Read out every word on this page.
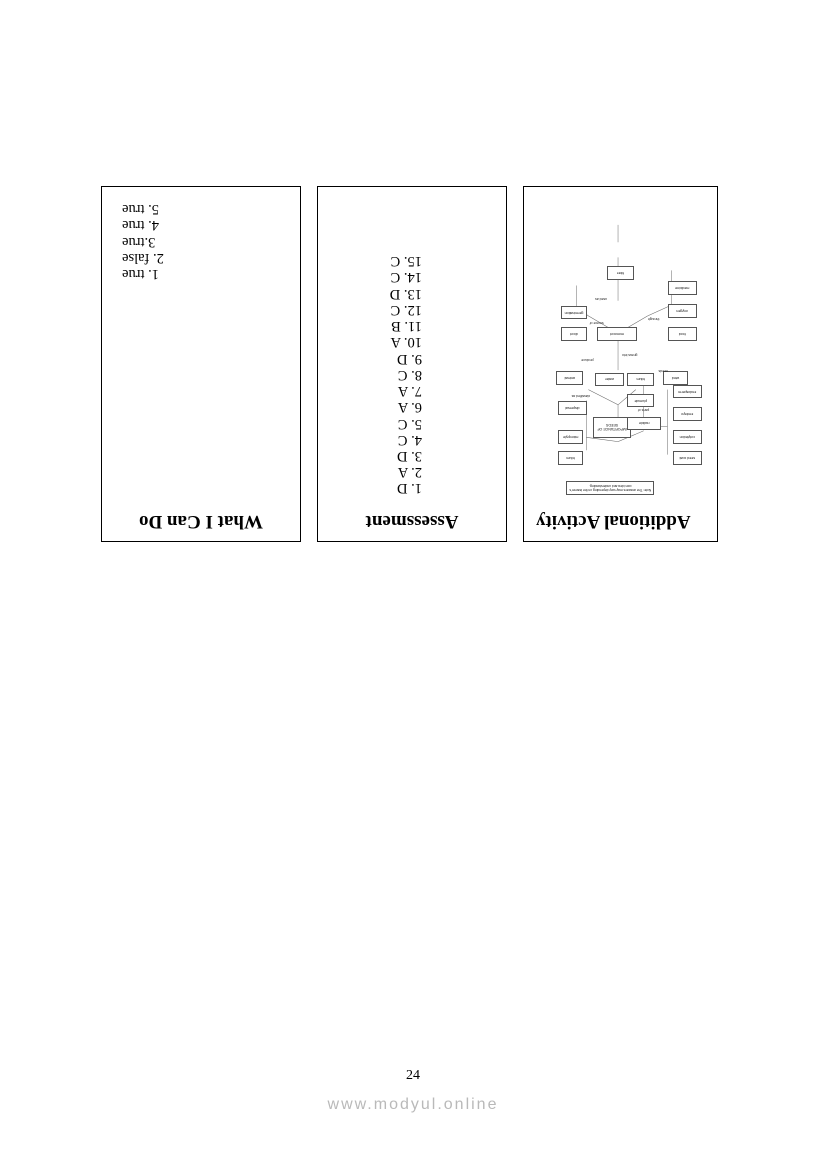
What I Can Do
1. true
2. false
3.true
4. true
5. true
Assessment
1. D
2. A
3. D
4. C
5. C
6. A
7. A
8. C
9. D
10. A
11. B
12. C
13. D
14. C
15. C
Additional Activity
Note: The answers may vary depending on the learner's own idea and understanding.
IMPORTANCE OF SEEDS
seed coat
cotyledon
embryo
endosperm
radicle
plumule
hilum
hilum
micropyle
dispersal
animal	wind
water
monocot
dicot
germination
food
oxygen
medicine
fiber
parts of
classified as
grows into
source of
through
used as
needs
produce
24
www.modyul.online
